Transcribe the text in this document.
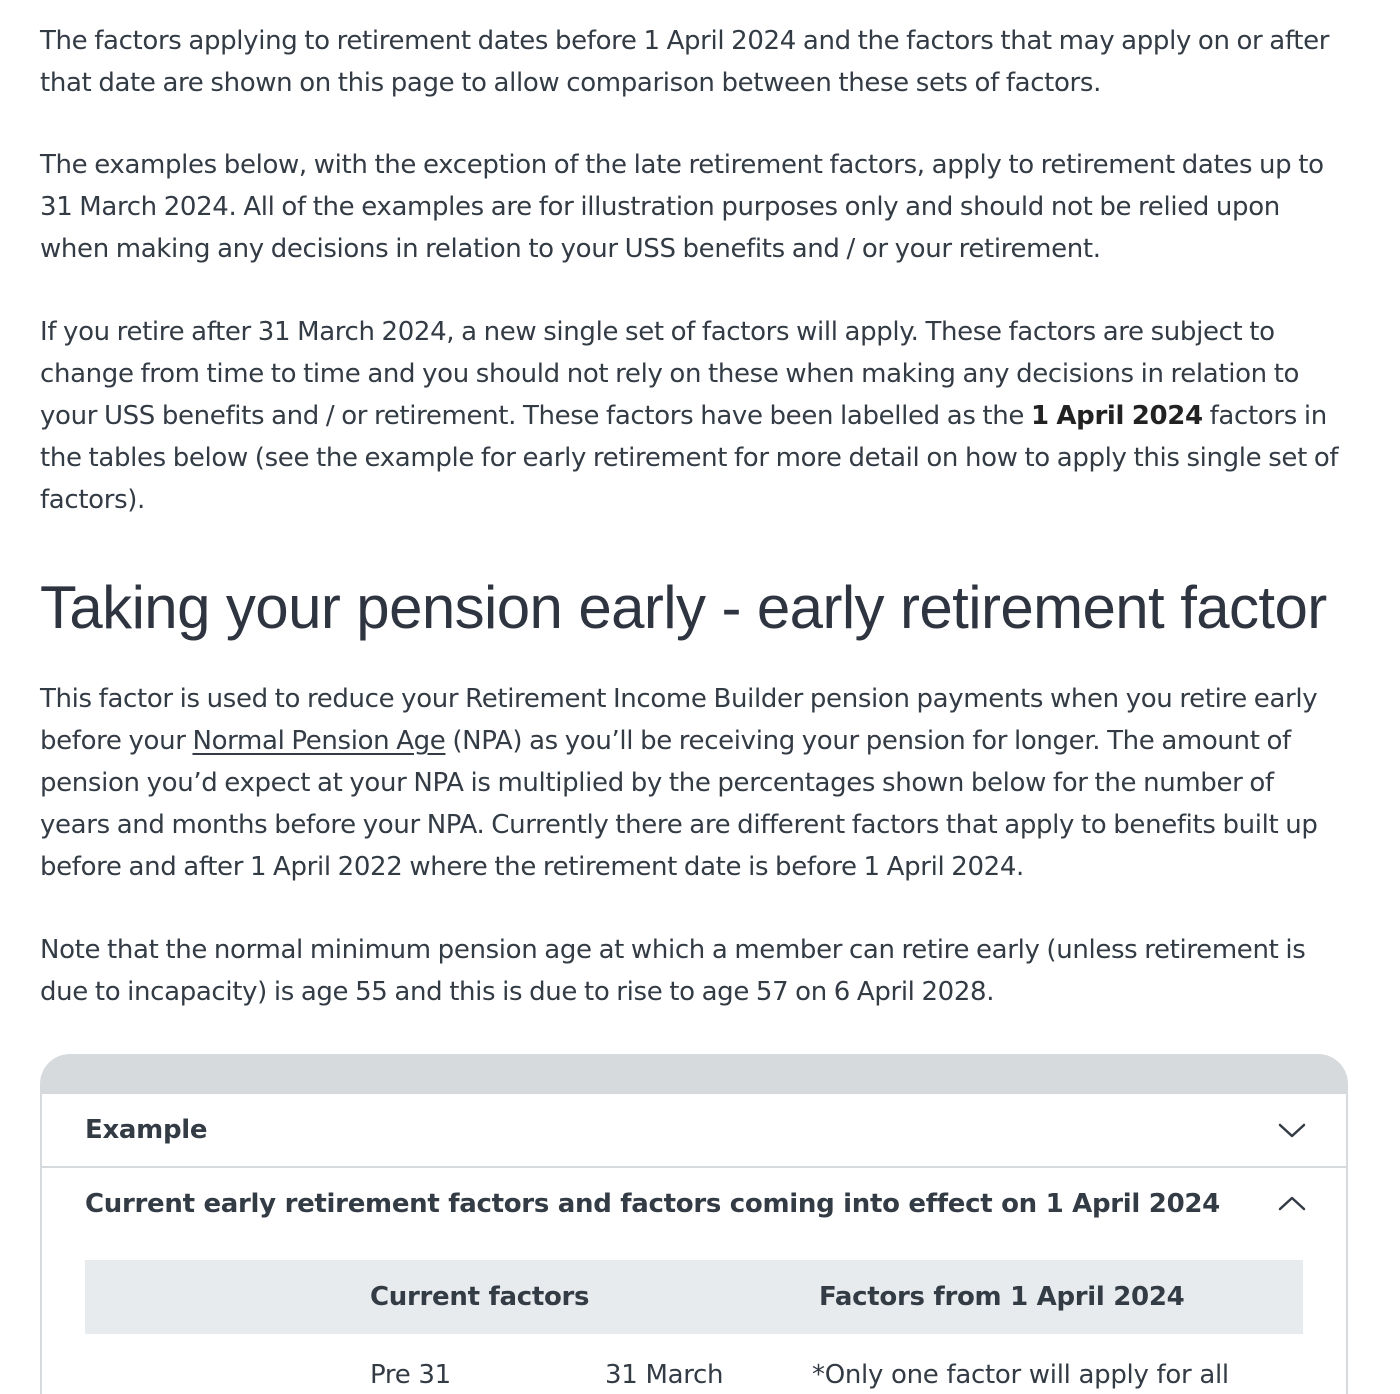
The factors applying to retirement dates before 1 April 2024 and the factors that may apply on or after that date are shown on this page to allow comparison between these sets of factors.

The examples below, with the exception of the late retirement factors, apply to retirement dates up to 31 March 2024. All of the examples are for illustration purposes only and should not be relied upon when making any decisions in relation to your USS benefits and / or your retirement.

If you retire after 31 March 2024, a new single set of factors will apply. These factors are subject to change from time to time and you should not rely on these when making any decisions in relation to your USS benefits and / or retirement. These factors have been labelled as the 1 April 2024 factors in the tables below (see the example for early retirement for more detail on how to apply this single set of factors).

Taking your pension early - early retirement factor

This factor is used to reduce your Retirement Income Builder pension payments when you retire early before your Normal Pension Age (NPA) as you’ll be receiving your pension for longer. The amount of pension you’d expect at your NPA is multiplied by the percentages shown below for the number of years and months before your NPA. Currently there are different factors that apply to benefits built up before and after 1 April 2022 where the retirement date is before 1 April 2024.

Note that the normal minimum pension age at which a member can retire early (unless retirement is due to incapacity) is age 55 and this is due to rise to age 57 on 6 April 2028.

Example
Current early retirement factors and factors coming into effect on 1 April 2024
Current factors	Factors from 1 April 2024
Pre 31	31 March	*Only one factor will apply for all
